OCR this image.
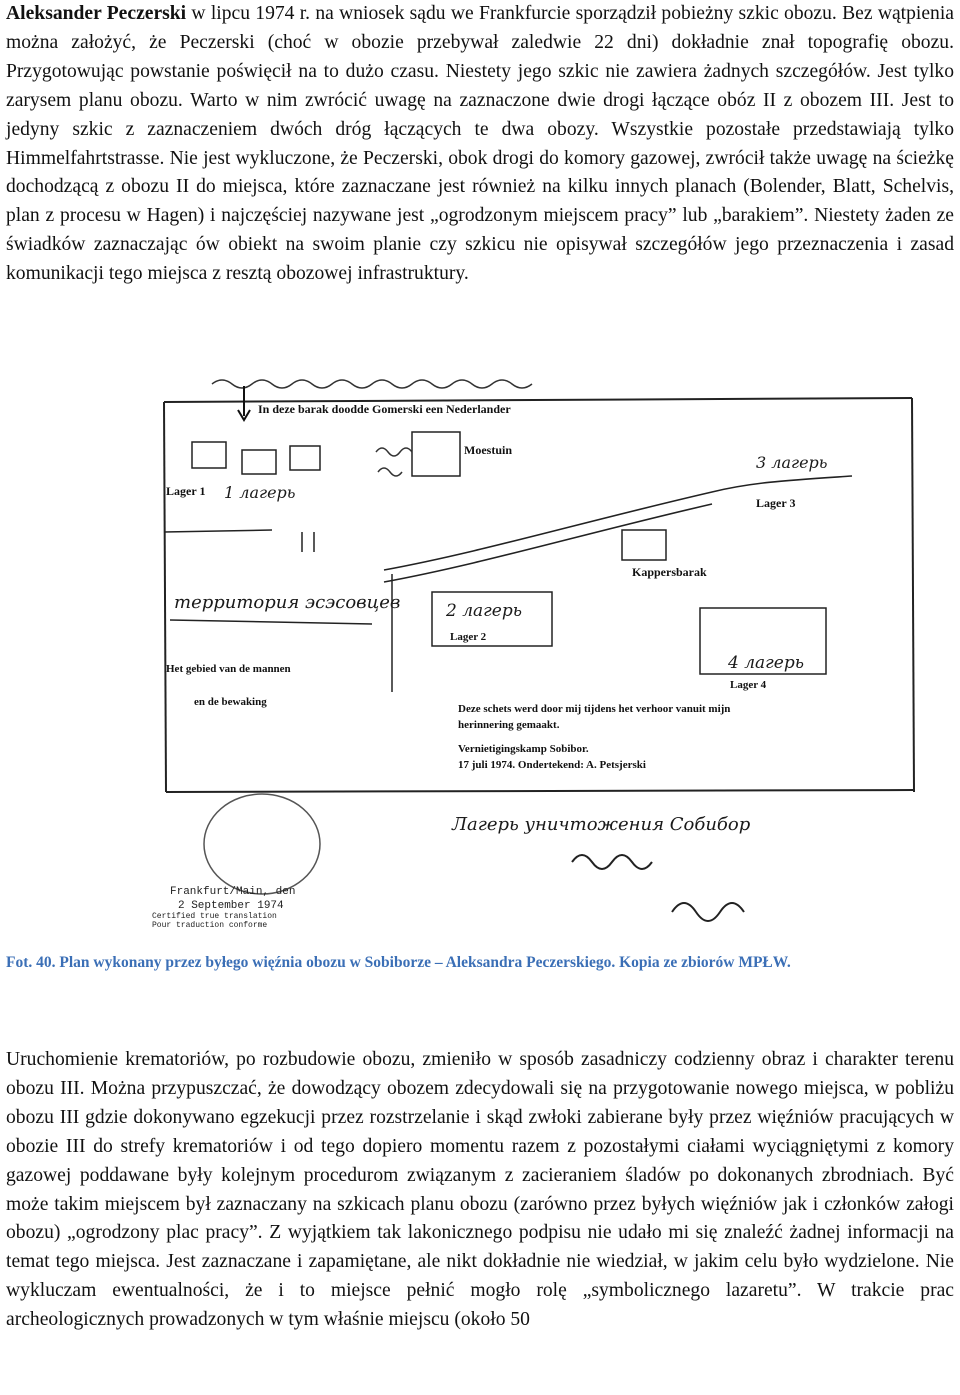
Aleksander Peczerski w lipcu 1974 r. na wniosek sądu we Frankfurcie sporządził pobieżny szkic obozu. Bez wątpienia można założyć, że Peczerski (choć w obozie przebywał zaledwie 22 dni) dokładnie znał topografię obozu. Przygotowując powstanie poświęcił na to dużo czasu. Niestety jego szkic nie zawiera żadnych szczegółów. Jest tylko zarysem planu obozu. Warto w nim zwrócić uwagę na zaznaczone dwie drogi łączące obóz II z obozem III. Jest to jedyny szkic z zaznaczeniem dwóch dróg łączących te dwa obozy. Wszystkie pozostałe przedstawiają tylko Himmelfahrtstrasse. Nie jest wykluczone, że Peczerski, obok drogi do komory gazowej, zwrócił także uwagę na ścieżkę dochodzącą z obozu II do miejsca, które zaznaczane jest również na kilku innych planach (Bolender, Blatt, Schelvis, plan z procesu w Hagen) i najczęściej nazywane jest „ogrodzonym miejscem pracy” lub „barakiem”. Niestety żaden ze świadków zaznaczając ów obiekt na swoim planie czy szkicu nie opisywał szczegółów jego przeznaczenia i zasad komunikacji tego miejsca z resztą obozowej infrastruktury.

In deze barak doodde Gomerski een Nederlander
Lager 1 1 лагерь
Moestuin
3 лагерь
Lager 3
Kappersbarak
территория эсэсовцев
Het gebied van de mannen
en de bewaking
2 лагерь
Lager 2
4 лагерь
Lager 4
Deze schets werd door mij tijdens het verhoor vanuit mijn
herinnering gemaakt.
Vernietigingskamp Sobibor.
17 juli 1974. Ondertekend: A. Petsjerski
Лагерь уничтожения Собибор
Frankfurt/Main, den
2 September 1974
Certified true translation
Pour traduction conforme

Fot. 40. Plan wykonany przez byłego więźnia obozu w Sobiborze – Aleksandra Peczerskiego. Kopia ze zbiorów MPŁW.

Uruchomienie krematoriów, po rozbudowie obozu, zmieniło w sposób zasadniczy codzienny obraz i charakter terenu obozu III. Można przypuszczać, że dowodzący obozem zdecydowali się na przygotowanie nowego miejsca, w pobliżu obozu III gdzie dokonywano egzekucji przez rozstrzelanie i skąd zwłoki zabierane były przez więźniów pracujących w obozie III do strefy krematoriów i od tego dopiero momentu razem z pozostałymi ciałami wyciągniętymi z komory gazowej poddawane były kolejnym procedurom związanym z zacieraniem śladów po dokonanych zbrodniach. Być może takim miejscem był zaznaczany na szkicach planu obozu (zarówno przez byłych więźniów jak i członków załogi obozu) „ogrodzony plac pracy”. Z wyjątkiem tak lakonicznego podpisu nie udało mi się znaleźć żadnej informacji na temat tego miejsca. Jest zaznaczane i zapamiętane, ale nikt dokładnie nie wiedział, w jakim celu było wydzielone. Nie wykluczam ewentualności, że i to miejsce pełnić mogło rolę „symbolicznego lazaretu”. W trakcie prac archeologicznych prowadzonych w tym właśnie miejscu (około 50
